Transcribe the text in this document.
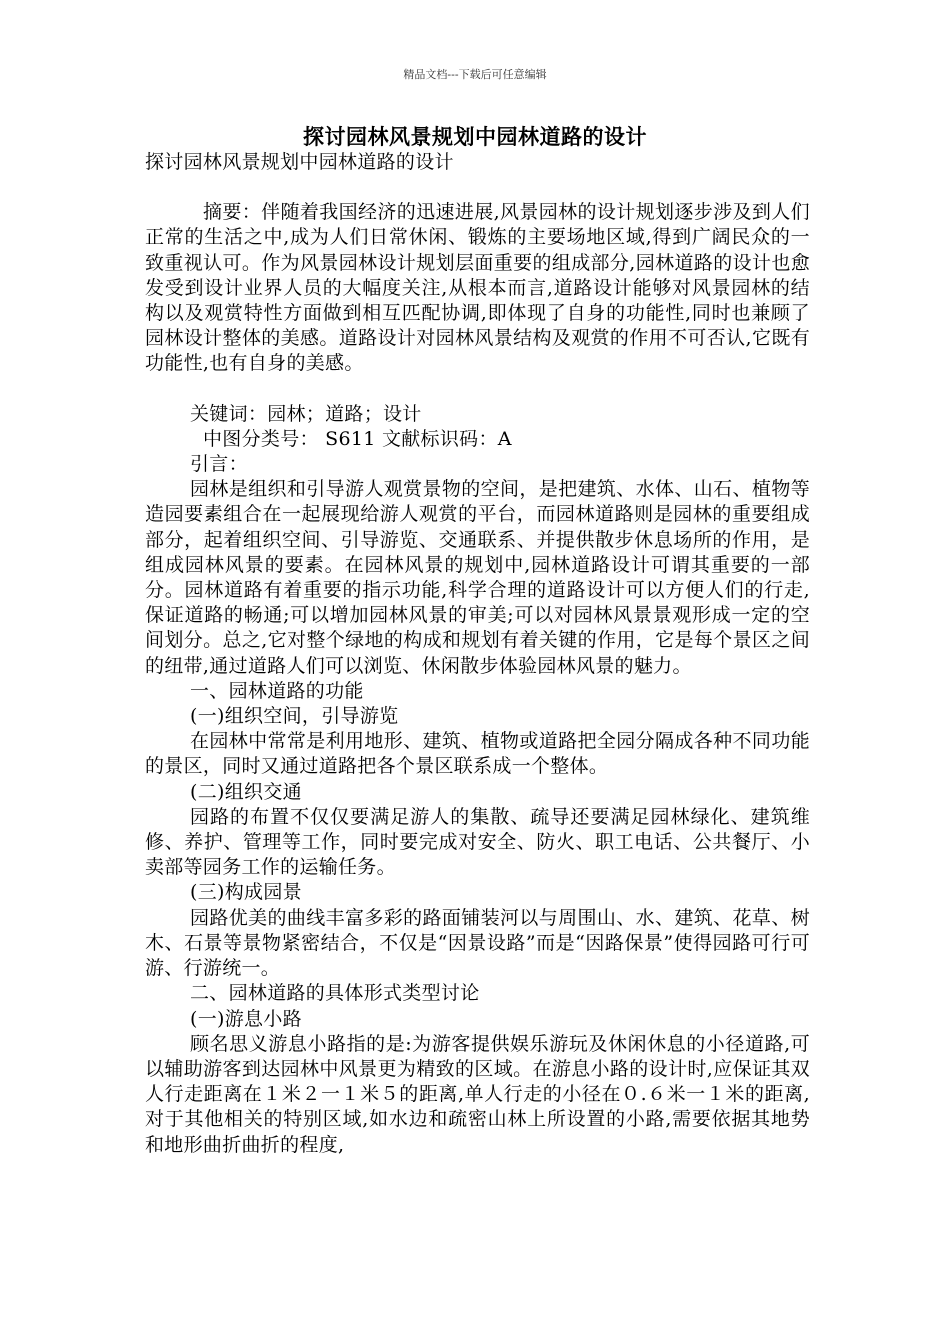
精品文档---下载后可任意编辑
探讨园林风景规划中园林道路的设计

探讨园林风景规划中园林道路的设计

摘要：伴随着我国经济的迅速进展,风景园林的设计规划逐步涉及到人们正常的生活之中,成为人们日常休闲、锻炼的主要场地区域,得到广阔民众的一致重视认可。作为风景园林设计规划层面重要的组成部分,园林道路的设计也愈发受到设计业界人员的大幅度关注,从根本而言,道路设计能够对风景园林的结构以及观赏特性方面做到相互匹配协调,即体现了自身的功能性,同时也兼顾了园林设计整体的美感。道路设计对园林风景结构及观赏的作用不可否认,它既有功能性,也有自身的美感。

关键词：园林；道路；设计

中图分类号： S611 文献标识码：A

引言：

园林是组织和引导游人观赏景物的空间，是把建筑、水体、山石、植物等造园要素组合在一起展现给游人观赏的平台，而园林道路则是园林的重要组成部分，起着组织空间、引导游览、交通联系、并提供散步休息场所的作用，是组成园林风景的要素。在园林风景的规划中,园林道路设计可谓其重要的一部分。园林道路有着重要的指示功能,科学合理的道路设计可以方便人们的行走,保证道路的畅通;可以增加园林风景的审美;可以对园林风景景观形成一定的空间划分。总之,它对整个绿地的构成和规划有着关键的作用，它是每个景区之间的纽带,通过道路人们可以浏览、休闲散步体验园林风景的魅力。

一、园林道路的功能

(一)组织空间，引导游览

在园林中常常是利用地形、建筑、植物或道路把全园分隔成各种不同功能的景区，同时又通过道路把各个景区联系成一个整体。

(二)组织交通

园路的布置不仅仅要满足游人的集散、疏导还要满足园林绿化、建筑维修、养护、管理等工作，同时要完成对安全、防火、职工电话、公共餐厅、小卖部等园务工作的运输任务。

(三)构成园景

园路优美的曲线丰富多彩的路面铺装河以与周围山、水、建筑、花草、树木、石景等景物紧密结合，不仅是“因景设路”而是“因路保景”使得园路可行可游、行游统一。

二、园林道路的具体形式类型讨论

(一)游息小路

顾名思义游息小路指的是:为游客提供娱乐游玩及休闲休息的小径道路,可以辅助游客到达园林中风景更为精致的区域。在游息小路的设计时,应保证其双人行走距离在１米２一１米５的距离,单人行走的小径在０.６米一１米的距离,对于其他相关的特别区域,如水边和疏密山林上所设置的小路,需要依据其地势和地形曲折曲折的程度,
